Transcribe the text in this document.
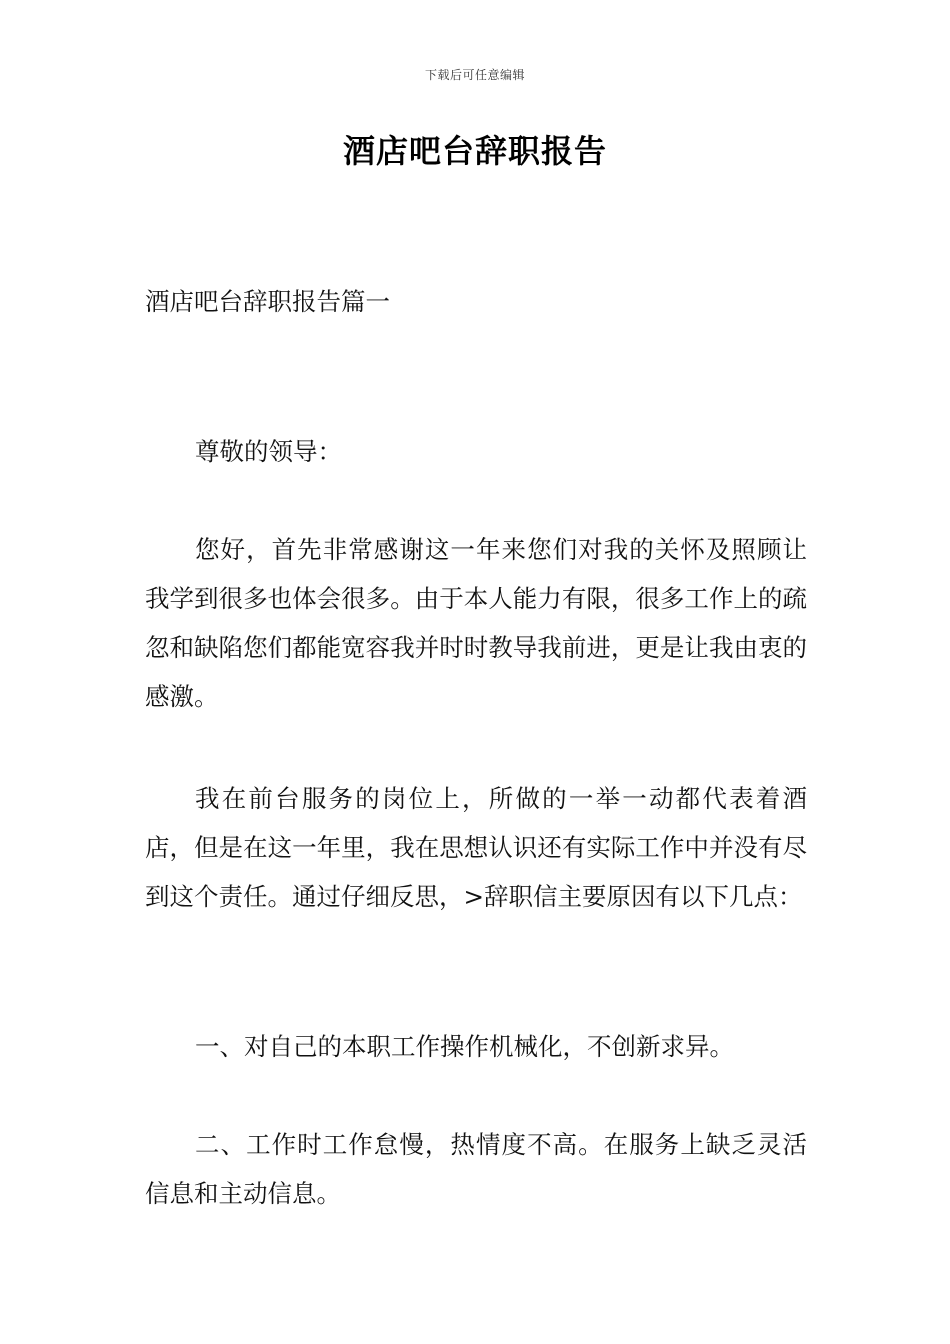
下载后可任意编辑
酒店吧台辞职报告
酒店吧台辞职报告篇一
尊敬的领导：
您好，首先非常感谢这一年来您们对我的关怀及照顾让我学到很多也体会很多。由于本人能力有限，很多工作上的疏忽和缺陷您们都能宽容我并时时教导我前进，更是让我由衷的感激。
我在前台服务的岗位上，所做的一举一动都代表着酒店，但是在这一年里，我在思想认识还有实际工作中并没有尽到这个责任。通过仔细反思，>辞职信主要原因有以下几点：
一、对自己的本职工作操作机械化，不创新求异。
二、工作时工作怠慢，热情度不高。在服务上缺乏灵活信息和主动信息。
